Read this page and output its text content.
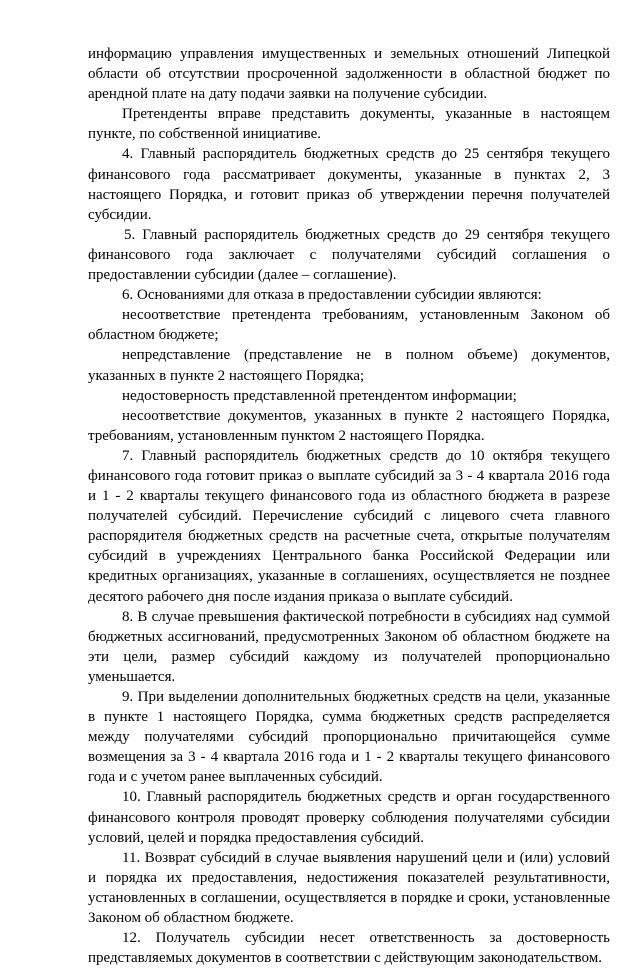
информацию управления имущественных и земельных отношений Липецкой области об отсутствии просроченной задолженности в областной бюджет по арендной плате на дату подачи заявки на получение субсидии.

Претенденты вправе представить документы, указанные в настоящем пункте, по собственной инициативе.

4. Главный распорядитель бюджетных средств до 25 сентября текущего финансового года рассматривает документы, указанные в пунктах 2, 3 настоящего Порядка, и готовит приказ об утверждении перечня получателей субсидии.

5. Главный распорядитель бюджетных средств до 29 сентября текущего финансового года заключает с получателями субсидий соглашения о предоставлении субсидии (далее – соглашение).

6. Основаниями для отказа в предоставлении субсидии являются:

несоответствие претендента требованиям, установленным Законом об областном бюджете;

непредставление (представление не в полном объеме) документов, указанных в пункте 2 настоящего Порядка;

недостоверность представленной претендентом информации;

несоответствие документов, указанных в пункте 2 настоящего Порядка, требованиям, установленным пунктом 2 настоящего Порядка.

7. Главный распорядитель бюджетных средств до 10 октября текущего финансового года готовит приказ о выплате субсидий за 3 - 4 квартала 2016 года и 1 - 2 кварталы текущего финансового года из областного бюджета в разрезе получателей субсидий. Перечисление субсидий с лицевого счета главного распорядителя бюджетных средств на расчетные счета, открытые получателям субсидий в учреждениях Центрального банка Российской Федерации или кредитных организациях, указанные в соглашениях, осуществляется не позднее десятого рабочего дня после издания приказа о выплате субсидий.

8. В случае превышения фактической потребности в субсидиях над суммой бюджетных ассигнований, предусмотренных Законом об областном бюджете на эти цели, размер субсидий каждому из получателей пропорционально уменьшается.

9. При выделении дополнительных бюджетных средств на цели, указанные в пункте 1 настоящего Порядка, сумма бюджетных средств распределяется между получателями субсидий пропорционально причитающейся сумме возмещения за 3 - 4 квартала 2016 года и 1 - 2 кварталы текущего финансового года и с учетом ранее выплаченных субсидий.

10. Главный распорядитель бюджетных средств и орган государственного финансового контроля проводят проверку соблюдения получателями субсидии условий, целей и порядка предоставления субсидий.

11. Возврат субсидий в случае выявления нарушений цели и (или) условий и порядка их предоставления, недостижения показателей результативности, установленных в соглашении, осуществляется в порядке и сроки, установленные Законом об областном бюджете.

12. Получатель субсидии несет ответственность за достоверность представляемых документов в соответствии с действующим законодательством.
